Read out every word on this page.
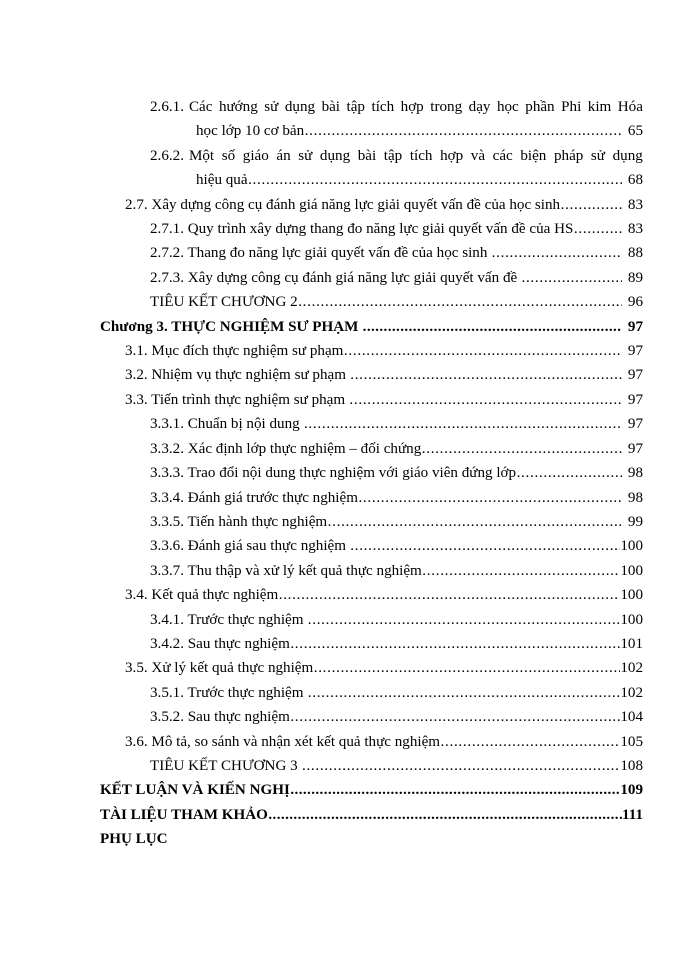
2.6.1. Các hướng sử dụng bài tập tích hợp trong dạy học phần Phi kim Hóa
học lớp 10 cơ bản .....	65
2.6.2. Một số giáo án sử dụng bài tập tích hợp và các biện pháp sử dụng
hiệu quả .....	68
2.7. Xây dựng công cụ đánh giá năng lực giải quyết vấn đề của học sinh .....	83
2.7.1. Quy trình xây dựng thang đo năng lực giải quyết vấn đề của HS .....	83
2.7.2. Thang đo năng lực giải quyết vấn đề của học sinh .....	88
2.7.3. Xây dựng công cụ đánh giá năng lực giải quyết vấn đề .....	89
TIÊU KẾT CHƯƠNG 2 .....	96
Chương 3. THỰC NGHIỆM SƯ PHẠM .....	97
3.1. Mục đích thực nghiệm sư phạm .....	97
3.2. Nhiệm vụ thực nghiệm sư phạm .....	97
3.3. Tiến trình thực nghiệm sư phạm .....	97
3.3.1. Chuẩn bị nội dung .....	97
3.3.2. Xác định lớp thực nghiệm – đối chứng .....	97
3.3.3. Trao đổi nội dung thực nghiệm với giáo viên đứng lớp .....	98
3.3.4. Đánh giá trước thực nghiệm .....	98
3.3.5. Tiến hành thực nghiệm .....	99
3.3.6. Đánh giá sau thực nghiệm .....	100
3.3.7. Thu thập và xử lý kết quả thực nghiệm .....	100
3.4. Kết quả thực nghiệm .....	100
3.4.1. Trước thực nghiệm .....	100
3.4.2. Sau thực nghiệm .....	101
3.5. Xử lý kết quả thực nghiệm .....	102
3.5.1. Trước thực nghiệm .....	102
3.5.2. Sau thực nghiệm .....	104
3.6. Mô tả, so sánh và nhận xét kết quả thực nghiệm .....	105
TIÊU KẾT CHƯƠNG 3 .....	108
KẾT LUẬN VÀ KIẾN NGHỊ .....	109
TÀI LIỆU THAM KHẢO .....	111
PHỤ LỤC
